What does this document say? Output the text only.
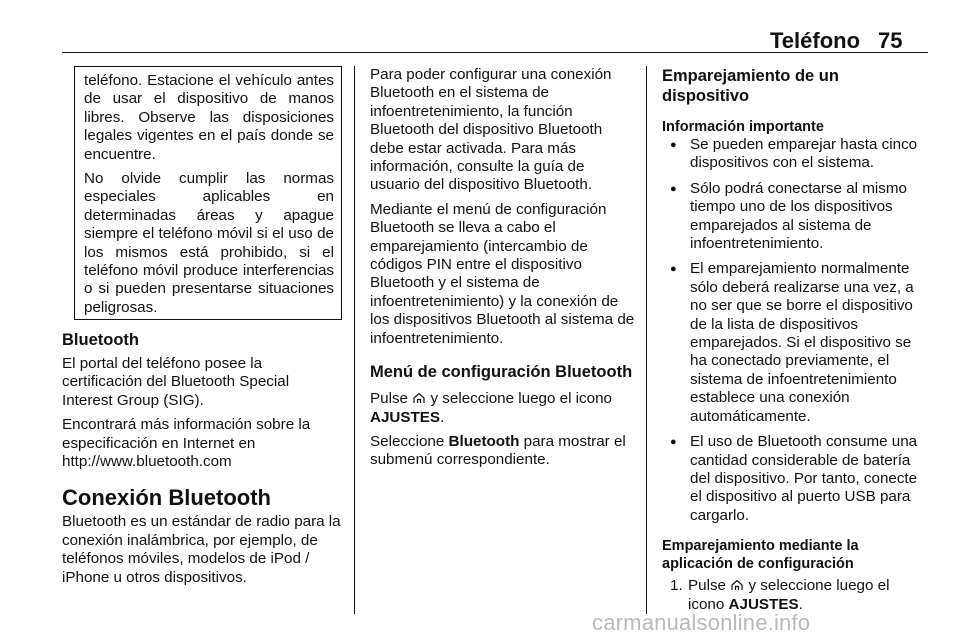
Teléfono 75

teléfono. Estacione el vehículo antes de usar el dispositivo de manos libres. Observe las disposiciones legales vigentes en el país donde se encuentre.

No olvide cumplir las normas especiales aplicables en determinadas áreas y apague siempre el teléfono móvil si el uso de los mismos está prohibido, si el teléfono móvil produce interferencias o si pueden presentarse situaciones peligrosas.

Bluetooth

El portal del teléfono posee la certificación del Bluetooth Special Interest Group (SIG).

Encontrará más información sobre la especificación en Internet en

http://www.bluetooth.com

Conexión Bluetooth

Bluetooth es un estándar de radio para la conexión inalámbrica, por ejemplo, de teléfonos móviles, modelos de iPod / iPhone u otros dispositivos.

Para poder configurar una conexión Bluetooth en el sistema de infoentretenimiento, la función Bluetooth del dispositivo Bluetooth debe estar activada. Para más información, consulte la guía de usuario del dispositivo Bluetooth.

Mediante el menú de configuración Bluetooth se lleva a cabo el emparejamiento (intercambio de códigos PIN entre el dispositivo Bluetooth y el sistema de infoentretenimiento) y la conexión de los dispositivos Bluetooth al sistema de infoentretenimiento.

Menú de configuración Bluetooth

Pulse y seleccione luego el icono AJUSTES.

Seleccione Bluetooth para mostrar el submenú correspondiente.

Emparejamiento de un dispositivo

Información importante

● Se pueden emparejar hasta cinco dispositivos con el sistema.
● Sólo podrá conectarse al mismo tiempo uno de los dispositivos emparejados al sistema de infoentretenimiento.
● El emparejamiento normalmente sólo deberá realizarse una vez, a no ser que se borre el dispositivo de la lista de dispositivos emparejados. Si el dispositivo se ha conectado previamente, el sistema de infoentretenimiento establece una conexión automáticamente.
● El uso de Bluetooth consume una cantidad considerable de batería del dispositivo. Por tanto, conecte el dispositivo al puerto USB para cargarlo.

Emparejamiento mediante la aplicación de configuración

1. Pulse y seleccione luego el icono AJUSTES.
carmanualsonline.info
